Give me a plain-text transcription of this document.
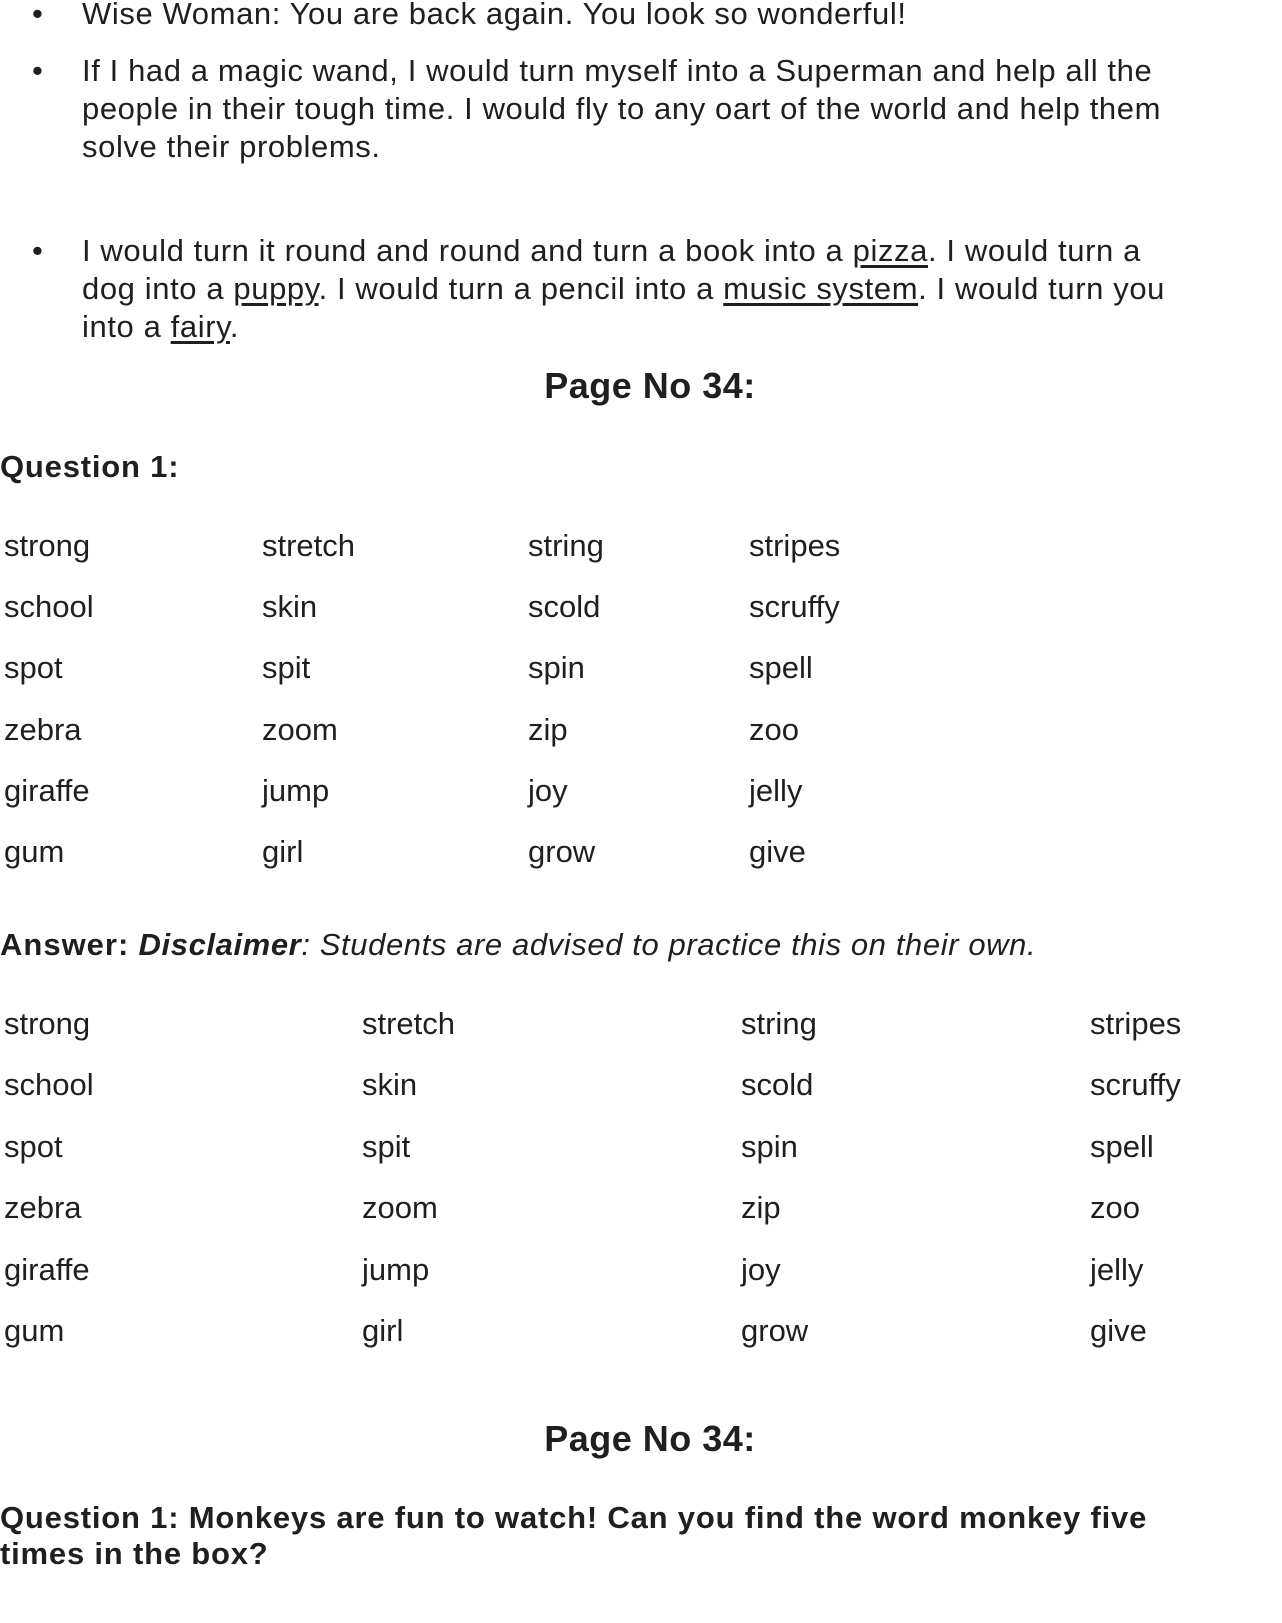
• Wise Woman: You are back again. You look so wonderful!
• If I had a magic wand, I would turn myself into a Superman and help all the
people in their tough time. I would fly to any oart of the world and help them
solve their problems.
• I would turn it round and round and turn a book into a pizza. I would turn a
dog into a puppy. I would turn a pencil into a music system. I would turn you
into a fairy.
Page No 34:
Question 1:
strong	stretch	string	stripes
school	skin	scold	scruffy
spot	spit	spin	spell
zebra	zoom	zip	zoo
giraffe	jump	joy	jelly
gum	girl	grow	give
Answer: Disclaimer: Students are advised to practice this on their own.
strong	stretch	string	stripes
school	skin	scold	scruffy
spot	spit	spin	spell
zebra	zoom	zip	zoo
giraffe	jump	joy	jelly
gum	girl	grow	give
Page No 34:
Question 1: Monkeys are fun to watch! Can you find the word monkey five
times in the box?
